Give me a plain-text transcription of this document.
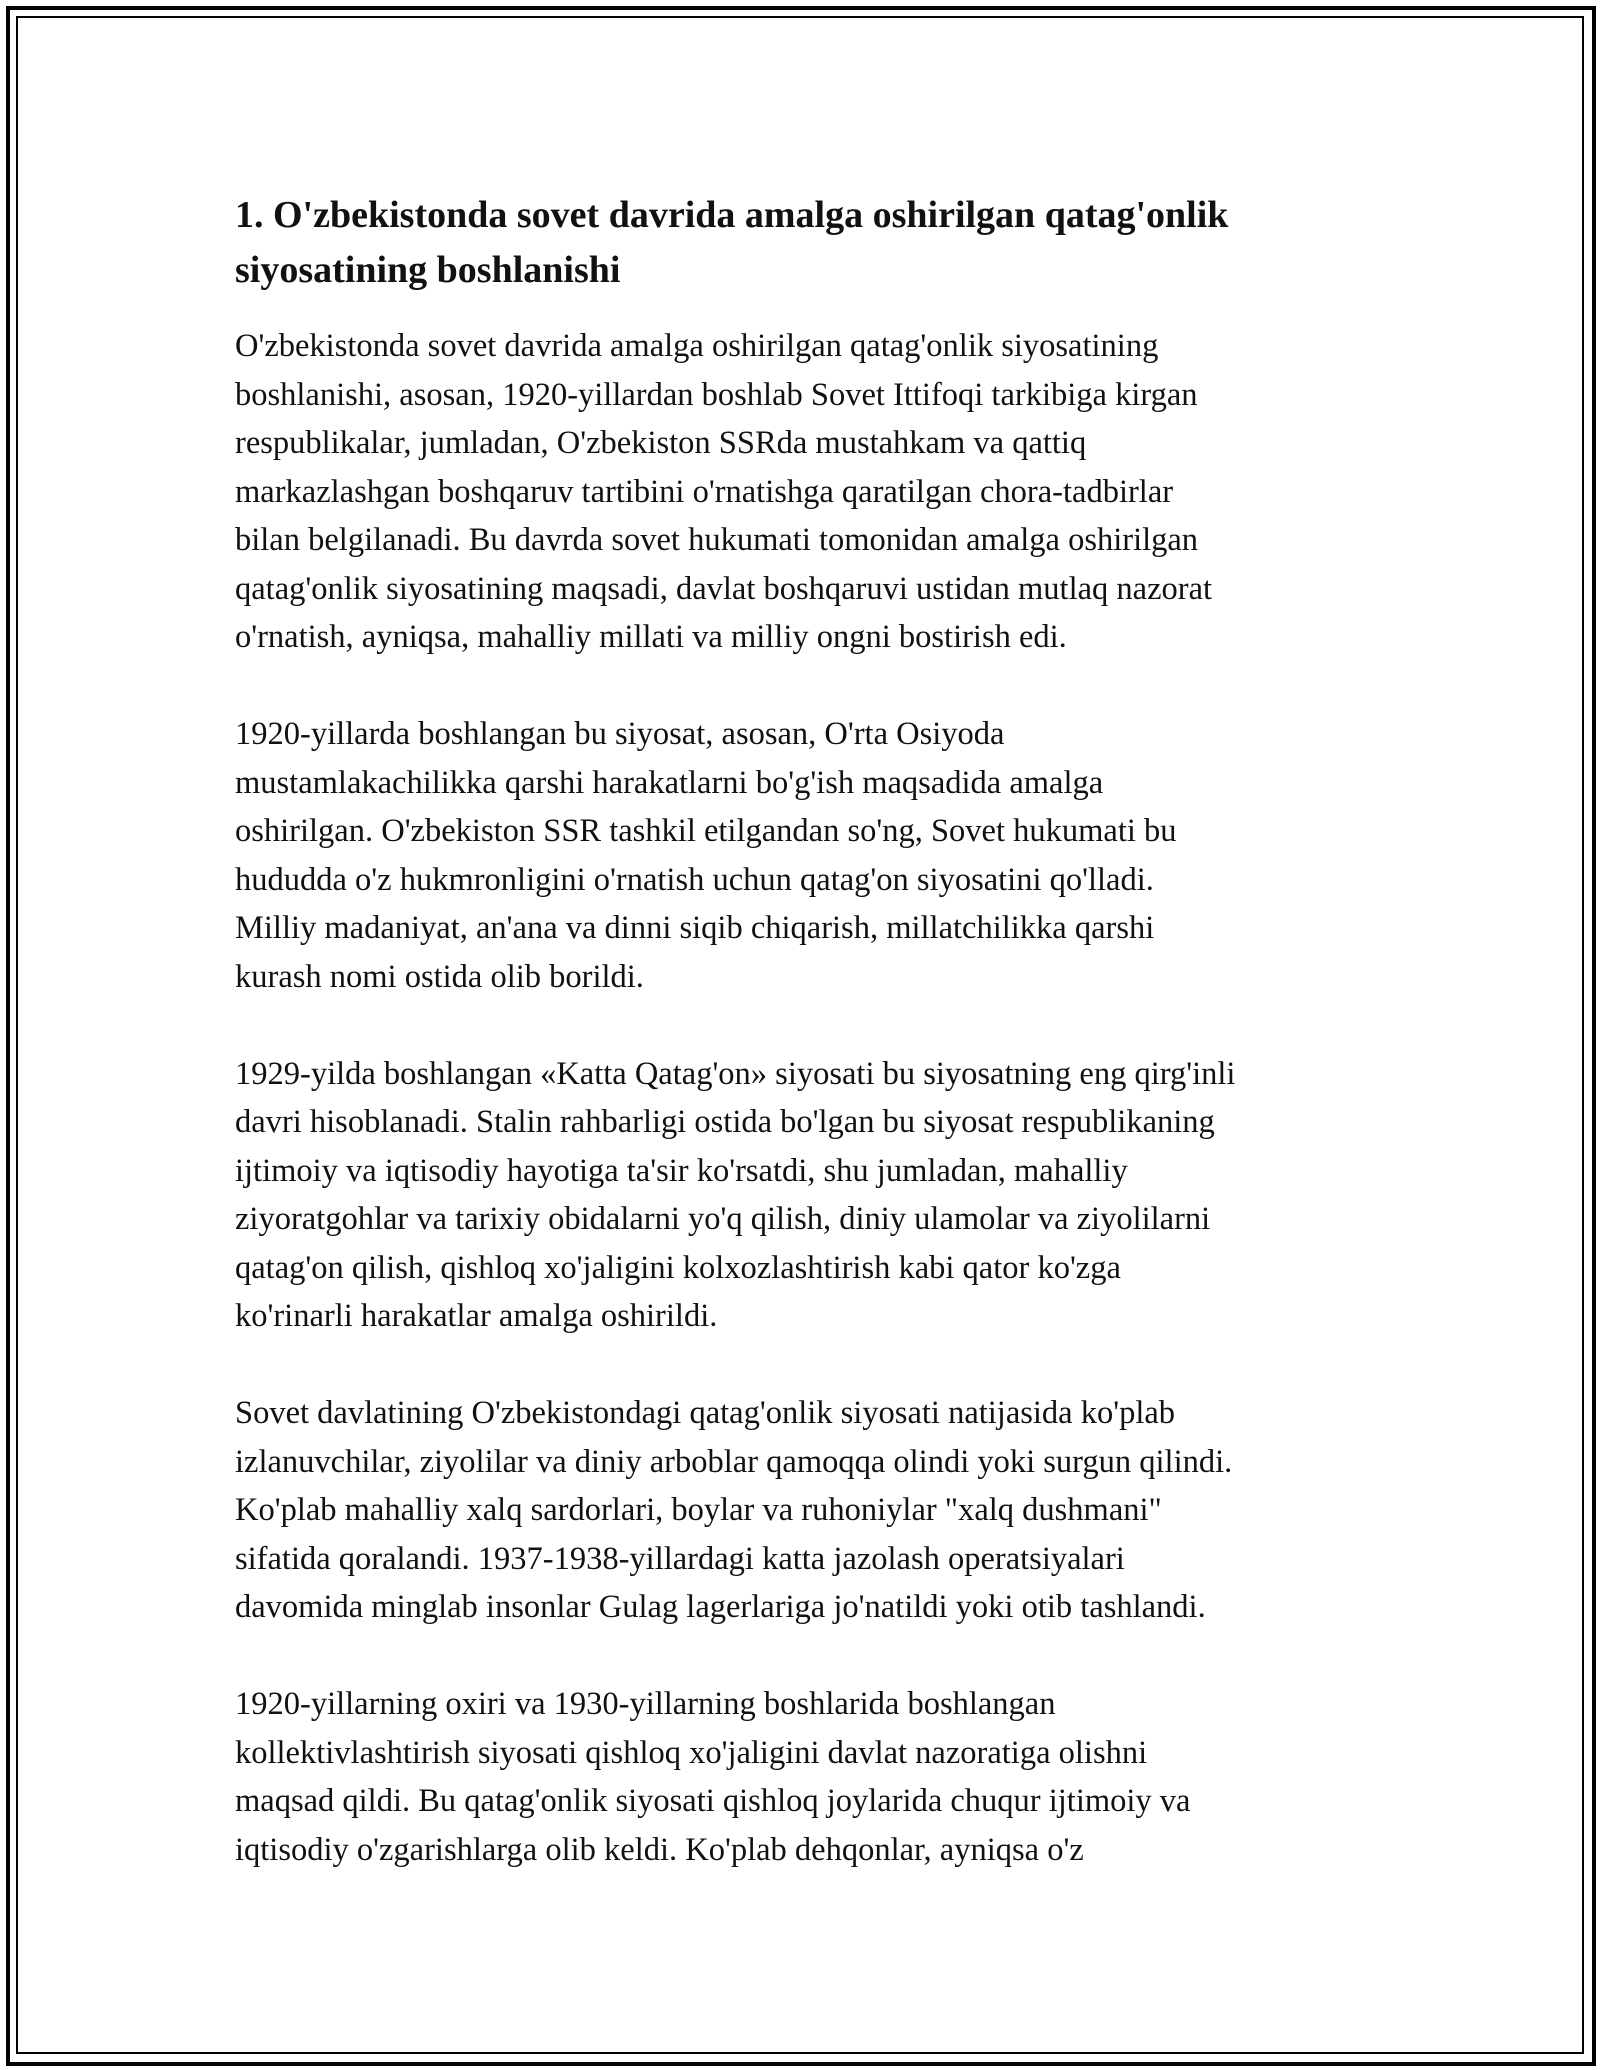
1. O'zbekistonda sovet davrida amalga oshirilgan qatag'onlik
siyosatining boshlanishi

O'zbekistonda sovet davrida amalga oshirilgan qatag'onlik siyosatining
boshlanishi, asosan, 1920-yillardan boshlab Sovet Ittifoqi tarkibiga kirgan
respublikalar, jumladan, O'zbekiston SSRda mustahkam va qattiq
markazlashgan boshqaruv tartibini o'rnatishga qaratilgan chora-tadbirlar
bilan belgilanadi. Bu davrda sovet hukumati tomonidan amalga oshirilgan
qatag'onlik siyosatining maqsadi, davlat boshqaruvi ustidan mutlaq nazorat
o'rnatish, ayniqsa, mahalliy millati va milliy ongni bostirish edi.

1920-yillarda boshlangan bu siyosat, asosan, O'rta Osiyoda
mustamlakachilikka qarshi harakatlarni bo'g'ish maqsadida amalga
oshirilgan. O'zbekiston SSR tashkil etilgandan so'ng, Sovet hukumati bu
hududda o'z hukmronligini o'rnatish uchun qatag'on siyosatini qo'lladi.
Milliy madaniyat, an'ana va dinni siqib chiqarish, millatchilikka qarshi
kurash nomi ostida olib borildi.

1929-yilda boshlangan «Katta Qatag'on» siyosati bu siyosatning eng qirg'inli
davri hisoblanadi. Stalin rahbarligi ostida bo'lgan bu siyosat respublikaning
ijtimoiy va iqtisodiy hayotiga ta'sir ko'rsatdi, shu jumladan, mahalliy
ziyoratgohlar va tarixiy obidalarni yo'q qilish, diniy ulamolar va ziyolilarni
qatag'on qilish, qishloq xo'jaligini kolxozlashtirish kabi qator ko'zga
ko'rinarli harakatlar amalga oshirildi.

Sovet davlatining O'zbekistondagi qatag'onlik siyosati natijasida ko'plab
izlanuvchilar, ziyolilar va diniy arboblar qamoqqa olindi yoki surgun qilindi.
Ko'plab mahalliy xalq sardorlari, boylar va ruhoniylar "xalq dushmani"
sifatida qoralandi. 1937-1938-yillardagi katta jazolash operatsiyalari
davomida minglab insonlar Gulag lagerlariga jo'natildi yoki otib tashlandi.

1920-yillarning oxiri va 1930-yillarning boshlarida boshlangan
kollektivlashtirish siyosati qishloq xo'jaligini davlat nazoratiga olishni
maqsad qildi. Bu qatag'onlik siyosati qishloq joylarida chuqur ijtimoiy va
iqtisodiy o'zgarishlarga olib keldi. Ko'plab dehqonlar, ayniqsa o'z
